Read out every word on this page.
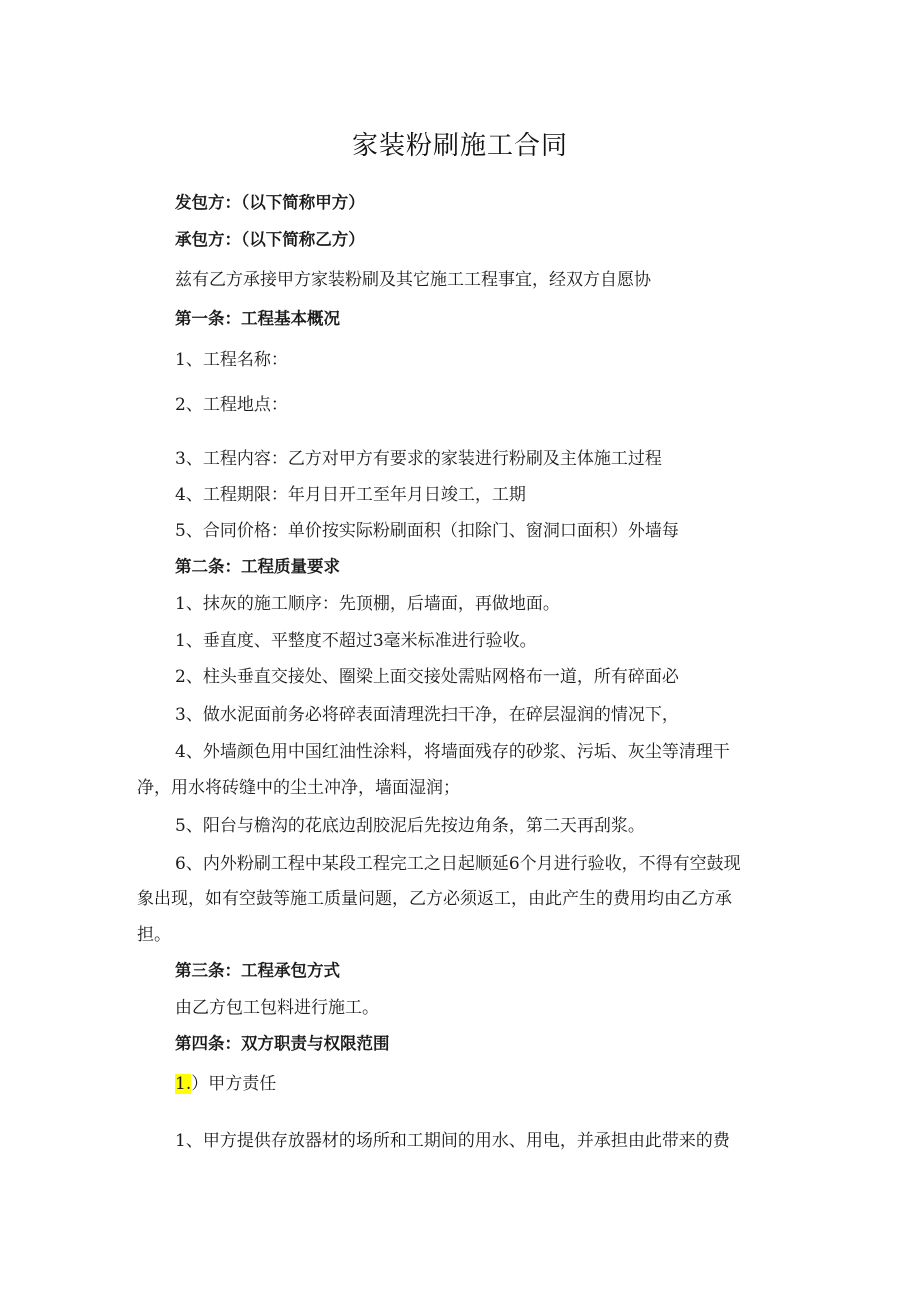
家装粉刷施工合同
发包方：（以下简称甲方）
承包方：（以下简称乙方）
兹有乙方承接甲方家装粉刷及其它施工工程事宜，经双方自愿协
第一条：工程基本概况
1、工程名称：
2、工程地点：
3、工程内容：乙方对甲方有要求的家装进行粉刷及主体施工过程
4、工程期限：年月日开工至年月日竣工，工期
5、合同价格：单价按实际粉刷面积（扣除门、窗洞口面积）外墙每
第二条：工程质量要求
1、抹灰的施工顺序：先顶棚，后墙面，再做地面。
1、垂直度、平整度不超过3毫米标准进行验收。
2、柱头垂直交接处、圈梁上面交接处需贴网格布一道，所有碎面必
3、做水泥面前务必将碎表面清理洗扫干净，在碎层湿润的情况下，
4、外墙颜色用中国红油性涂料，将墙面残存的砂浆、污垢、灰尘等清理干
净，用水将砖缝中的尘土冲净，墙面湿润；
5、阳台与檐沟的花底边刮胶泥后先按边角条，第二天再刮浆。
6、内外粉刷工程中某段工程完工之日起顺延6个月进行验收，不得有空鼓现
象出现，如有空鼓等施工质量问题，乙方必须返工，由此产生的费用均由乙方承
担。
第三条：工程承包方式
由乙方包工包料进行施工。
第四条：双方职责与权限范围
1.）甲方责任
1、甲方提供存放器材的场所和工期间的用水、用电，并承担由此带来的费
